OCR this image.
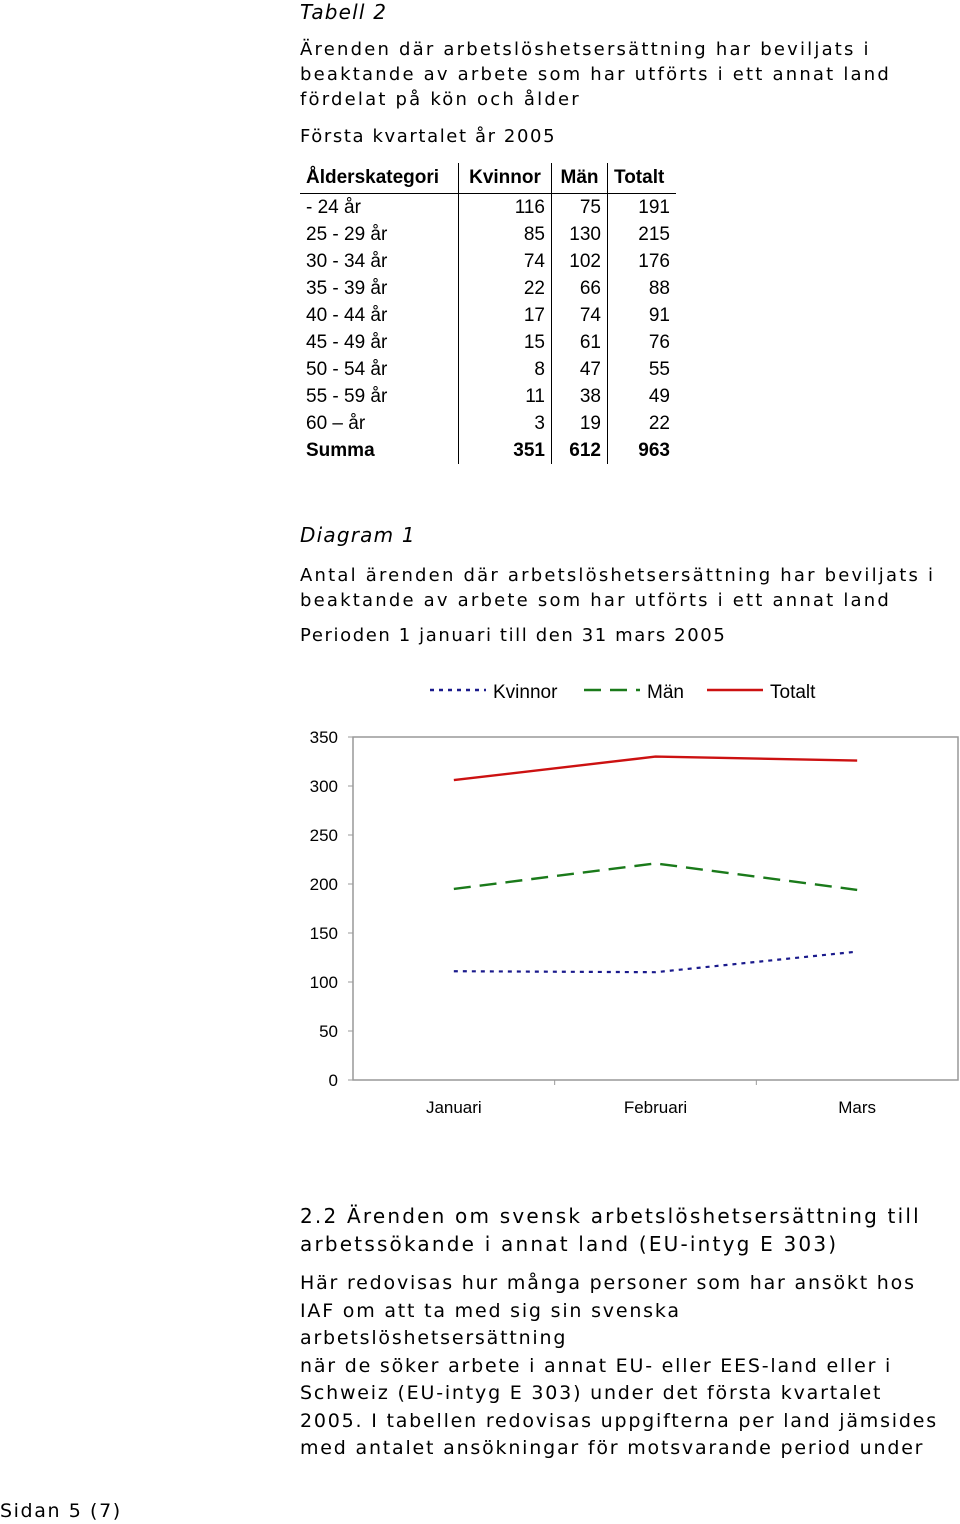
Tabell 2
Ärenden där arbetslöshetsersättning har beviljats i
beaktande av arbete som har utförts i ett annat land
fördelat på kön och ålder
Första kvartalet år 2005
Ålderskategori	Kvinnor	Män	Totalt
- 24 år	116	75	191
25 - 29 år	85	130	215
30 - 34 år	74	102	176
35 - 39 år	22	66	88
40 - 44 år	17	74	91
45 - 49 år	15	61	76
50 - 54 år	8	47	55
55 - 59 år	11	38	49
60 – år	3	19	22
Summa	351	612	963
Diagram 1
Antal ärenden där arbetslöshetsersättning har beviljats i
beaktande av arbete som har utförts i ett annat land
Perioden 1 januari till den 31 mars 2005
0
50
100
150
200
250
300
350
Januari	Februari	Mars
Kvinnor	Män	Totalt
2.2 Ärenden om svensk arbetslöshetsersättning till
arbetssökande i annat land (EU-intyg E 303)
Här redovisas hur många personer som har ansökt hos
IAF om att ta med sig sin svenska arbetslöshetsersättning
när de söker arbete i annat EU- eller EES-land eller i
Schweiz (EU-intyg E 303) under det första kvartalet
2005. I tabellen redovisas uppgifterna per land jämsides
med antalet ansökningar för motsvarande period under
Sidan 5 (7)
